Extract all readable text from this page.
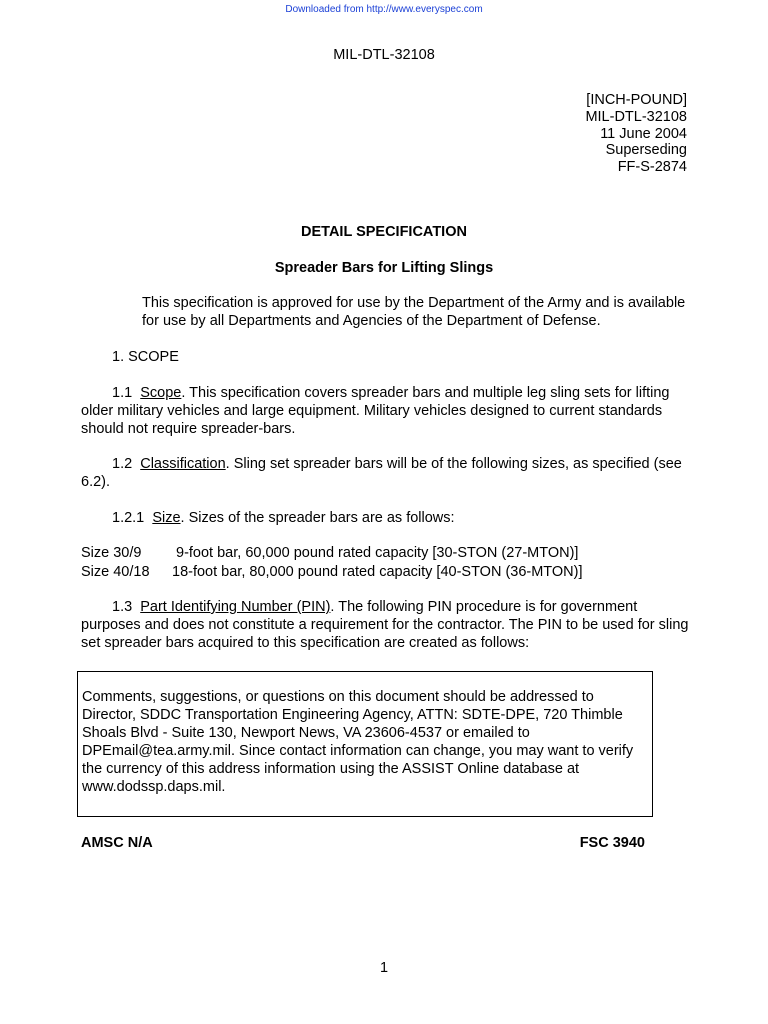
Downloaded from http://www.everyspec.com
MIL-DTL-32108
[INCH-POUND]
MIL-DTL-32108
11 June 2004
Superseding
FF-S-2874
DETAIL SPECIFICATION
Spreader Bars for Lifting Slings
This specification is approved for use by the Department of the Army and is available for use by all Departments and Agencies of the Department of Defense.
1. SCOPE
1.1 Scope. This specification covers spreader bars and multiple leg sling sets for lifting older military vehicles and large equipment. Military vehicles designed to current standards should not require spreader-bars.
1.2 Classification. Sling set spreader bars will be of the following sizes, as specified (see 6.2).
1.2.1 Size. Sizes of the spreader bars are as follows:
Size 30/9 9-foot bar, 60,000 pound rated capacity [30-STON (27-MTON)]
Size 40/18 18-foot bar, 80,000 pound rated capacity [40-STON (36-MTON)]
1.3 Part Identifying Number (PIN). The following PIN procedure is for government purposes and does not constitute a requirement for the contractor. The PIN to be used for sling set spreader bars acquired to this specification are created as follows:
Comments, suggestions, or questions on this document should be addressed to Director, SDDC Transportation Engineering Agency, ATTN: SDTE-DPE, 720 Thimble Shoals Blvd - Suite 130, Newport News, VA 23606-4537 or emailed to DPEmail@tea.army.mil. Since contact information can change, you may want to verify the currency of this address information using the ASSIST Online database at www.dodssp.daps.mil.
AMSC N/A	FSC 3940
1
